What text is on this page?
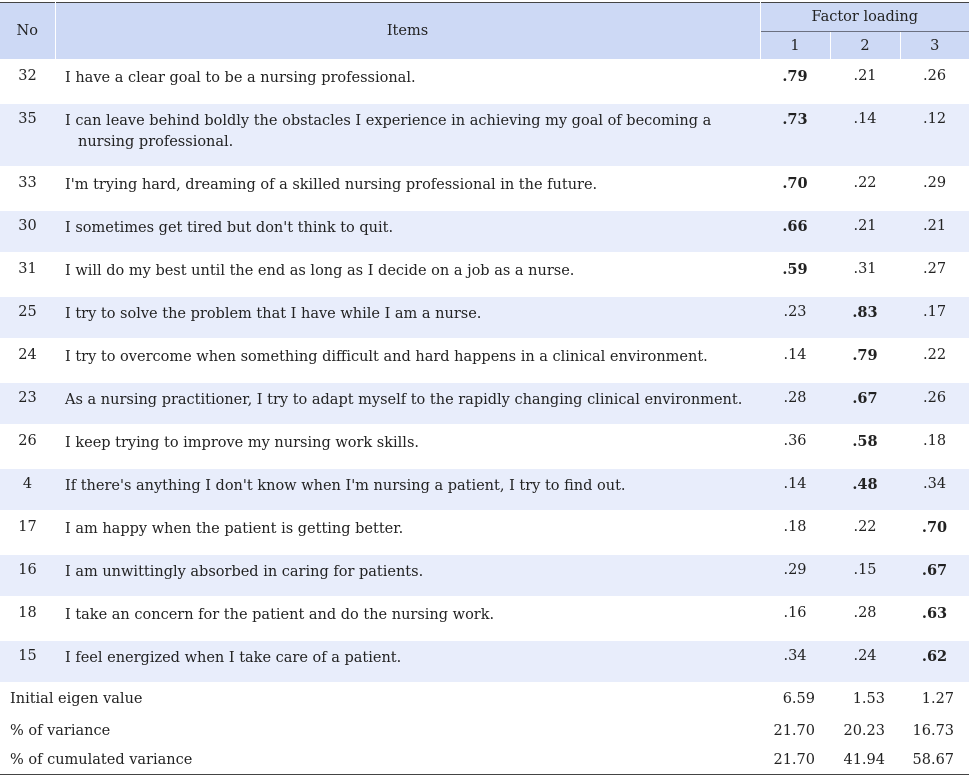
No	Items	Factor loading		
		1	2	3
32	I have a clear goal to be a nursing professional.	.79	.21	.26
35	I can leave behind boldly the obstacles I experience in achieving my goal of becoming a
nursing professional.	.73	.14	.12
33	I'm trying hard, dreaming of a skilled nursing professional in the future.	.70	.22	.29
30	I sometimes get tired but don't think to quit.	.66	.21	.21
31	I will do my best until the end as long as I decide on a job as a nurse.	.59	.31	.27
25	I try to solve the problem that I have while I am a nurse.	.23	.83	.17
24	I try to overcome when something difficult and hard happens in a clinical environment.	.14	.79	.22
23	As a nursing practitioner, I try to adapt myself to the rapidly changing clinical environment.	.28	.67	.26
26	I keep trying to improve my nursing work skills.	.36	.58	.18
4	If there's anything I don't know when I'm nursing a patient, I try to find out.	.14	.48	.34
17	I am happy when the patient is getting better.	.18	.22	.70
16	I am unwittingly absorbed in caring for patients.	.29	.15	.67
18	I take an concern for the patient and do the nursing work.	.16	.28	.63
15	I feel energized when I take care of a patient.	.34	.24	.62
Initial eigen value		6.59	1.53	1.27
% of variance		21.70	20.23	16.73
% of cumulated variance		21.70	41.94	58.67
